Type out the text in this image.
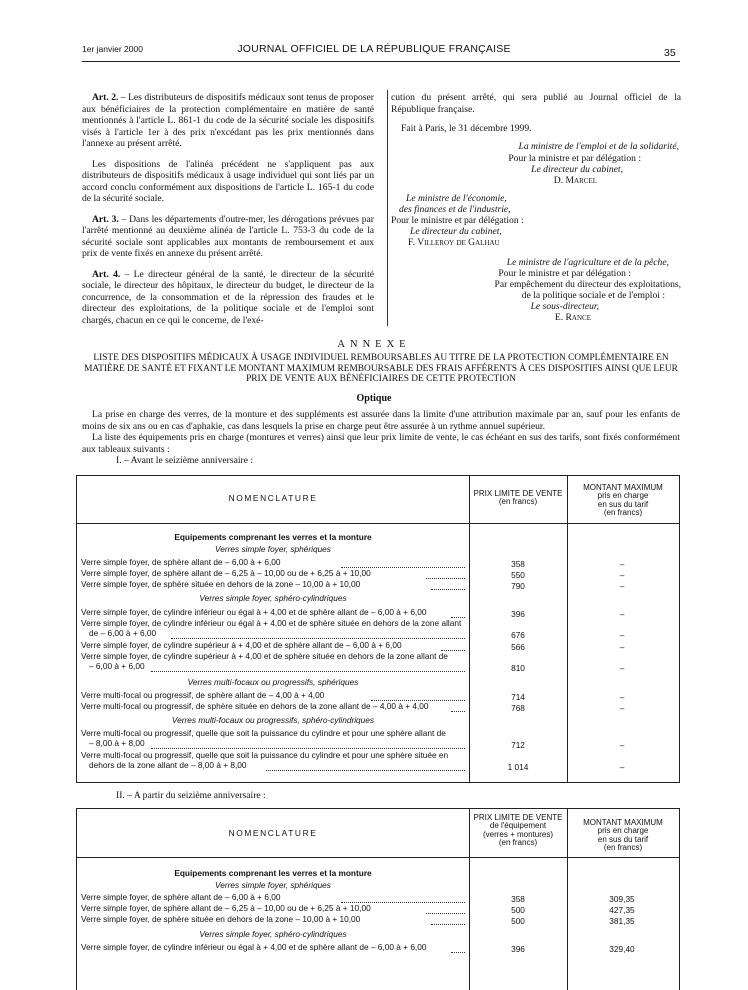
1er janvier 2000	JOURNAL OFFICIEL DE LA RÉPUBLIQUE FRANÇAISE	35

Art. 2. – Les distributeurs de dispositifs médicaux sont tenus de proposer aux bénéficiaires de la protection complémentaire en matière de santé mentionnés à l'article L. 861-1 du code de la sécurité sociale les dispositifs visés à l'article 1er à des prix n'excédant pas les prix mentionnés dans l'annexe au présent arrêté.

Les dispositions de l'alinéa précédent ne s'appliquent pas aux distributeurs de dispositifs médicaux à usage individuel qui sont liés par un accord conclu conformément aux dispositions de l'article L. 165-1 du code de la sécurité sociale.

Art. 3. – Dans les départements d'outre-mer, les dérogations prévues par l'arrêté mentionné au deuxième alinéa de l'article L. 753-3 du code de la sécurité sociale sont applicables aux montants de remboursement et aux prix de vente fixés en annexe du présent arrêté.

Art. 4. – Le directeur général de la santé, le directeur de la sécurité sociale, le directeur des hôpitaux, le directeur du budget, le directeur de la concurrence, de la consommation et de la répression des fraudes et le directeur des exploitations, de la politique sociale et de l'emploi sont chargés, chacun en ce qui le concerne, de l'exé-

cution du présent arrêté, qui sera publié au Journal officiel de la République française.
Fait à Paris, le 31 décembre 1999.
La ministre de l'emploi et de la solidarité,
Pour la ministre et par délégation :
Le directeur du cabinet,
D. Marcel
Le ministre de l'économie,
des finances et de l'industrie,
Pour le ministre et par délégation :
Le directeur du cabinet,
F. Villeroy de Galhau
Le ministre de l'agriculture et de la pêche,
Pour le ministre et par délégation :
Par empêchement du directeur des exploitations,
de la politique sociale et de l'emploi :
Le sous-directeur,
E. Rance
ANNEXE
LISTE DES DISPOSITIFS MÉDICAUX À USAGE INDIVIDUEL REMBOURSABLES AU TITRE DE LA PROTECTION COMPLÉMENTAIRE EN MATIÈRE DE SANTÉ ET FIXANT LE MONTANT MAXIMUM REMBOURSABLE DES FRAIS AFFÉRENTS À CES DISPOSITIFS AINSI QUE LEUR PRIX DE VENTE AUX BÉNÉFICIAIRES DE CETTE PROTECTION
Optique

La prise en charge des verres, de la monture et des suppléments est assurée dans la limite d'une attribution maximale par an, sauf pour les enfants de moins de six ans ou en cas d'aphakie, cas dans lesquels la prise en charge peut être assurée à un rythme annuel supérieur.

La liste des équipements pris en charge (montures et verres) ainsi que leur prix limite de vente, le cas échéant en sus des tarifs, sont fixés conformément aux tableaux suivants :

I. – Avant le seizième anniversaire :
NOMENCLATURE	PRIX LIMITE DE VENTE
(en francs)
MONTANT MAXIMUM
pris en charge
en sus du tarif
(en francs)
Equipements comprenant les verres et la monture
Verres simple foyer, sphériques
Verre simple foyer, de sphère allant de – 6,00 à + 6,00	358	–
Verre simple foyer, de sphère allant de – 6,25 à – 10,00 ou de + 6,25 à + 10,00	550	–
Verre simple foyer, de sphère située en dehors de la zone – 10,00 à + 10,00	790	–
Verres simple foyer, sphéro-cylindriques
Verre simple foyer, de cylindre inférieur ou égal à + 4,00 et de sphère allant de – 6,00 à + 6,00	396	–
Verre simple foyer, de cylindre inférieur ou égal à + 4,00 et de sphère située en dehors de la zone allant
de – 6,00 à + 6,00	676	–
Verre simple foyer, de cylindre supérieur à + 4,00 et de sphère allant de – 6,00 à + 6,00	566	–
Verre simple foyer, de cylindre supérieur à + 4,00 et de sphère située en dehors de la zone allant de
– 6,00 à + 6,00	810	–
Verres multi-focaux ou progressifs, sphériques
Verre multi-focal ou progressif, de sphère allant de – 4,00 à + 4,00	714	–
Verre multi-focal ou progressif, de sphère située en dehors de la zone allant de – 4,00 à + 4,00	768	–
Verres multi-focaux ou progressifs, sphéro-cylindriques
Verre multi-focal ou progressif, quelle que soit la puissance du cylindre et pour une sphère allant de
– 8,00 à + 8,00	712	–
Verre multi-focal ou progressif, quelle que soit la puissance du cylindre et pour une sphère située en
dehors de la zone allant de – 8,00 à + 8,00	1 014	–
II. – A partir du seizième anniversaire :
NOMENCLATURE
PRIX LIMITE DE VENTE
de l'équipement
(verres + montures)
(en francs)
MONTANT MAXIMUM
pris en charge
en sus du tarif
(en francs)
Equipements comprenant les verres et la monture
Verres simple foyer, sphériques
Verre simple foyer, de sphère allant de – 6,00 à + 6,00	358	309,35
Verre simple foyer, de sphère allant de – 6,25 à – 10,00 ou de + 6,25 à + 10,00	500	427,35
Verre simple foyer, de sphère située en dehors de la zone – 10,00 à + 10,00	500	381,35
Verres simple foyer, sphéro-cylindriques
Verre simple foyer, de cylindre inférieur ou égal à + 4,00 et de sphère allant de – 6,00 à + 6,00	396	329,40
